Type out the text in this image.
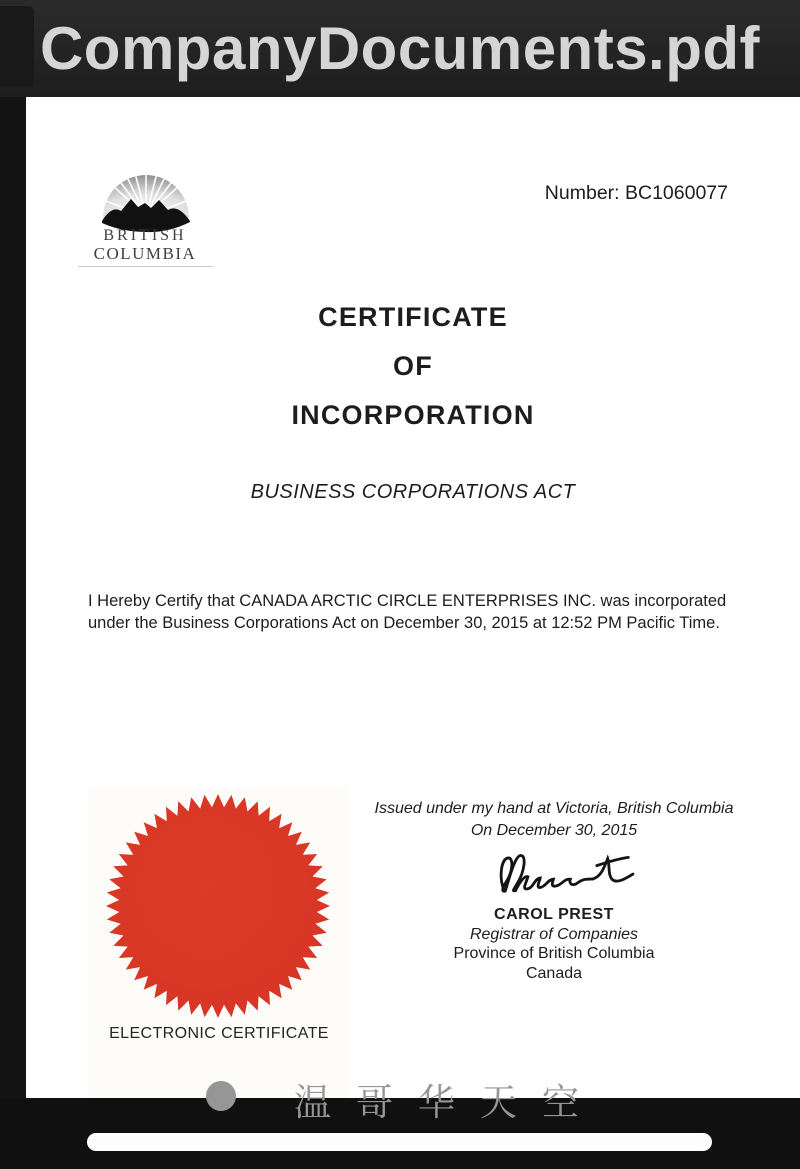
CompanyDocuments.pdf
BRITISH
COLUMBIA
Number: BC1060077
CERTIFICATE
OF
INCORPORATION
BUSINESS CORPORATIONS ACT
I Hereby Certify that CANADA ARCTIC CIRCLE ENTERPRISES INC. was incorporated under the Business Corporations Act on December 30, 2015 at 12:52 PM Pacific Time.
ELECTRONIC CERTIFICATE
Issued under my hand at Victoria, British Columbia
On December 30, 2015
CAROL PREST
Registrar of Companies
Province of British Columbia
Canada
温哥华天空
